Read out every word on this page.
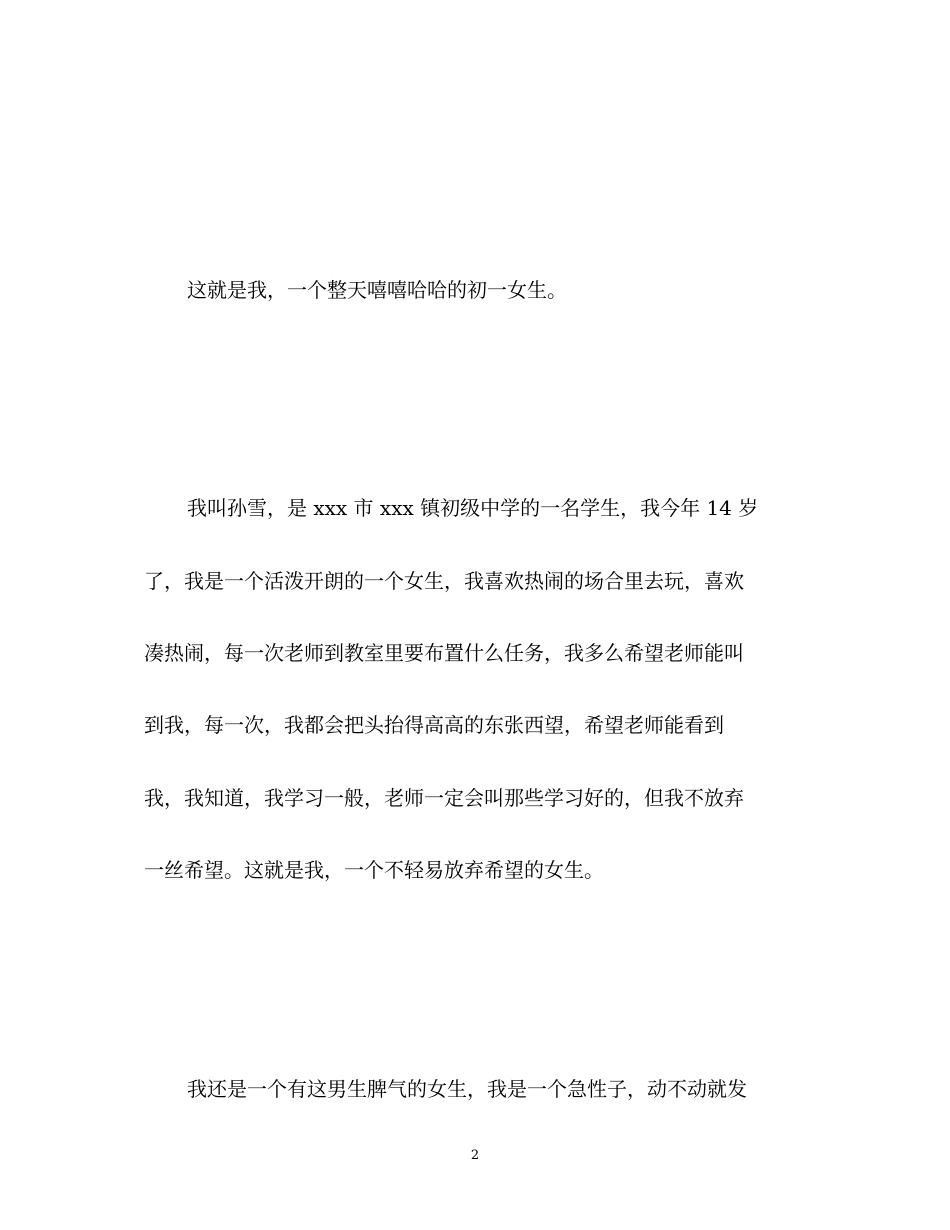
这就是我，一个整天嘻嘻哈哈的初一女生。

我叫孙雪，是 xxx 市 xxx 镇初级中学的一名学生，我今年 14 岁

了，我是一个活泼开朗的一个女生，我喜欢热闹的场合里去玩，喜欢

凑热闹，每一次老师到教室里要布置什么任务，我多么希望老师能叫

到我，每一次，我都会把头抬得高高的东张西望，希望老师能看到

我，我知道，我学习一般，老师一定会叫那些学习好的，但我不放弃

一丝希望。这就是我，一个不轻易放弃希望的女生。

我还是一个有这男生脾气的女生，我是一个急性子，动不动就发

2
